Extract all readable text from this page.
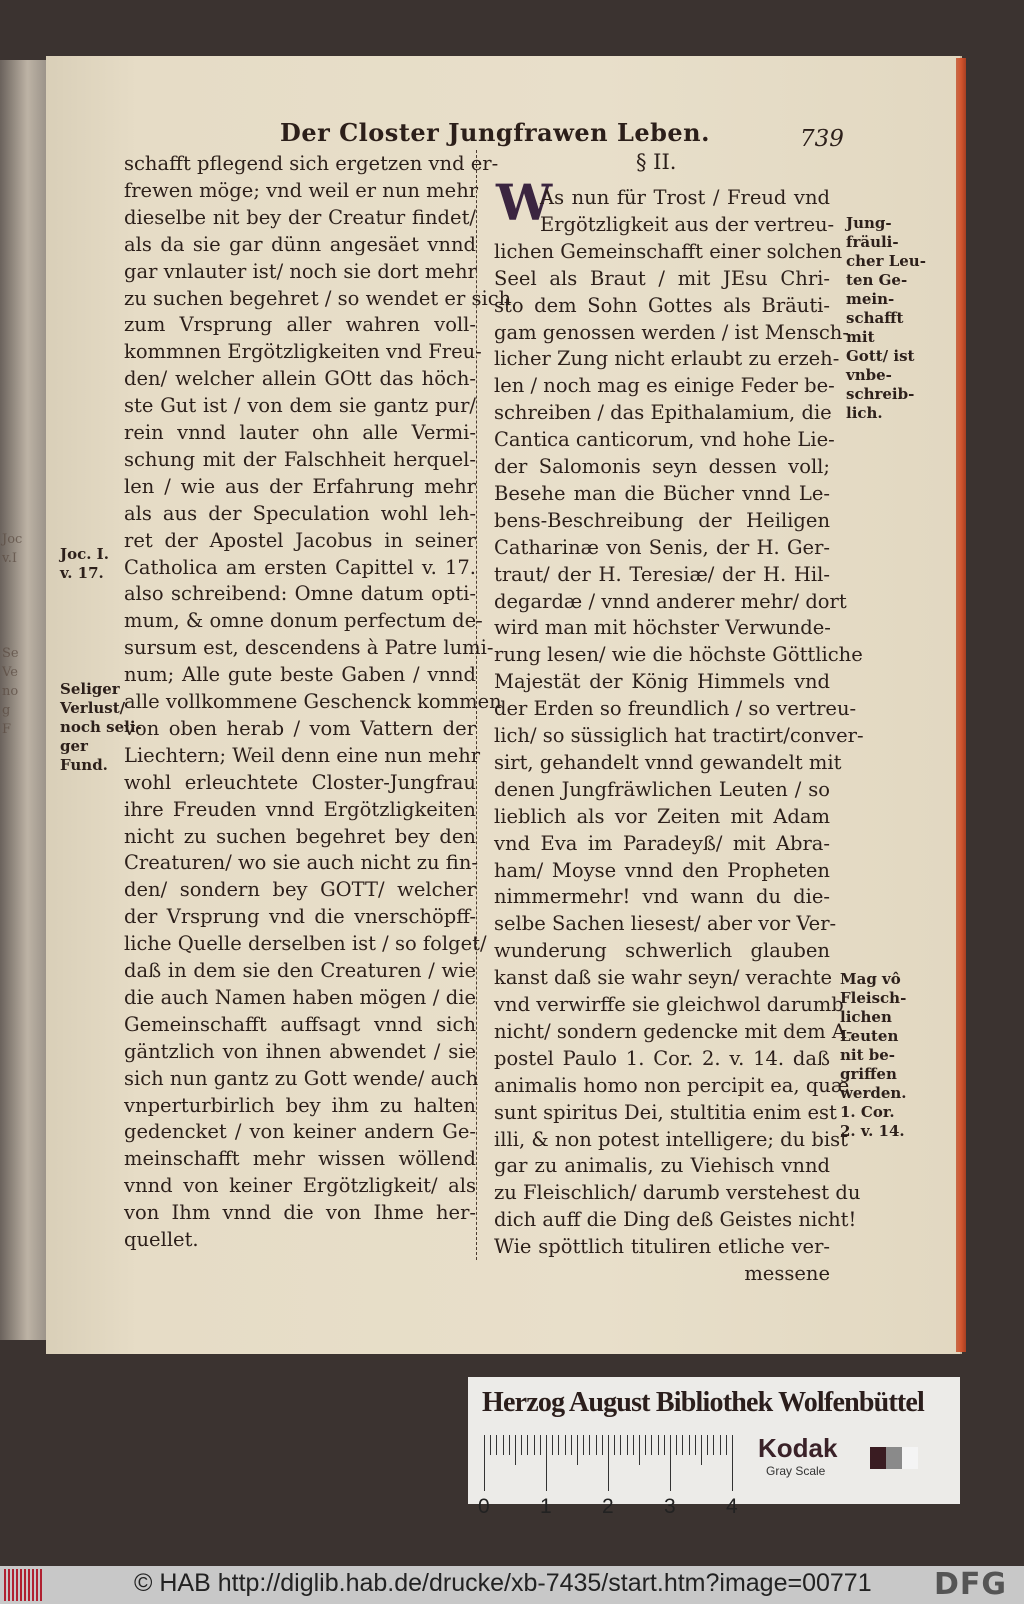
Joc
v.I

Se
Ve
no
g
F
Der Closter Jungfrawen Leben.	739
schafft pflegend sich ergetzen vnd er-
frewen möge; vnd weil er nun mehr
dieselbe nit bey der Creatur findet/
als da sie gar dünn angesäet vnnd
gar vnlauter ist/ noch sie dort mehr
zu suchen begehret / so wendet er sich
zum Vrsprung aller wahren voll-
kommnen Ergötzligkeiten vnd Freu-
den/ welcher allein GOtt das höch-
ste Gut ist / von dem sie gantz pur/
rein vnnd lauter ohn alle Vermi-
schung mit der Falschheit herquel-
len / wie aus der Erfahrung mehr
als aus der Speculation wohl leh-
ret der Apostel Jacobus in seiner
Catholica am ersten Capittel v. 17.
also schreibend: Omne datum opti-
mum, & omne donum perfectum de-
sursum est, descendens à Patre lumi-
num; Alle gute beste Gaben / vnnd
alle vollkommene Geschenck kommen
von oben herab / vom Vattern der
Liechtern; Weil denn eine nun mehr
wohl erleuchtete Closter-Jungfrau
ihre Freuden vnnd Ergötzligkeiten
nicht zu suchen begehret bey den
Creaturen/ wo sie auch nicht zu fin-
den/ sondern bey GOTT/ welcher
der Vrsprung vnd die vnerschöpff-
liche Quelle derselben ist / so folget/
daß in dem sie den Creaturen / wie
die auch Namen haben mögen / die
Gemeinschafft auffsagt vnnd sich
gäntzlich von ihnen abwendet / sie
sich nun gantz zu Gott wende/ auch
vnperturbirlich bey ihm zu halten
gedencket / von keiner andern Ge-
meinschafft mehr wissen wöllend
vnnd von keiner Ergötzligkeit/ als
von Ihm vnnd die von Ihme her-
quellet.
§ II.
W
As nun für Trost / Freud vnd
Ergötzligkeit aus der vertreu-
lichen Gemeinschafft einer solchen
Seel als Braut / mit JEsu Chri-
sto dem Sohn Gottes als Bräuti-
gam genossen werden / ist Mensch-
licher Zung nicht erlaubt zu erzeh-
len / noch mag es einige Feder be-
schreiben / das Epithalamium, die
Cantica canticorum, vnd hohe Lie-
der Salomonis seyn dessen voll;
Besehe man die Bücher vnnd Le-
bens-Beschreibung der Heiligen
Catharinæ von Senis, der H. Ger-
traut/ der H. Teresiæ/ der H. Hil-
degardæ / vnnd anderer mehr/ dort
wird man mit höchster Verwunde-
rung lesen/ wie die höchste Göttliche
Majestät der König Himmels vnd
der Erden so freundlich / so vertreu-
lich/ so süssiglich hat tractirt/conver-
sirt, gehandelt vnnd gewandelt mit
denen Jungfräwlichen Leuten / so
lieblich als vor Zeiten mit Adam
vnd Eva im Paradeyß/ mit Abra-
ham/ Moyse vnnd den Propheten
nimmermehr! vnd wann du die-
selbe Sachen liesest/ aber vor Ver-
wunderung schwerlich glauben
kanst daß sie wahr seyn/ verachte
vnd verwirffe sie gleichwol darumb
nicht/ sondern gedencke mit dem A-
postel Paulo 1. Cor. 2. v. 14. daß
animalis homo non percipit ea, quæ
sunt spiritus Dei, stultitia enim est
illi, & non potest intelligere; du bist
gar zu animalis, zu Viehisch vnnd
zu Fleischlich/ darumb verstehest du
dich auff die Ding deß Geistes nicht!
Wie spöttlich tituliren etliche ver-
messene
Joc. I.
v. 17.
Seliger
Verlust/
noch seli-
ger
Fund.
Jung-
fräuli-
cher Leu-
ten Ge-
mein-
schafft
mit
Gott/ ist
vnbe-
schreib-
lich.
Mag vô
Fleisch-
lichen
Leuten
nit be-
griffen
werden.
1. Cor.
2. v. 14.
Herzog August Bibliothek Wolfenbüttel
0 1 2 3 4
Kodak
Gray Scale
© HAB http://diglib.hab.de/drucke/xb-7435/start.htm?image=00771 DFG
